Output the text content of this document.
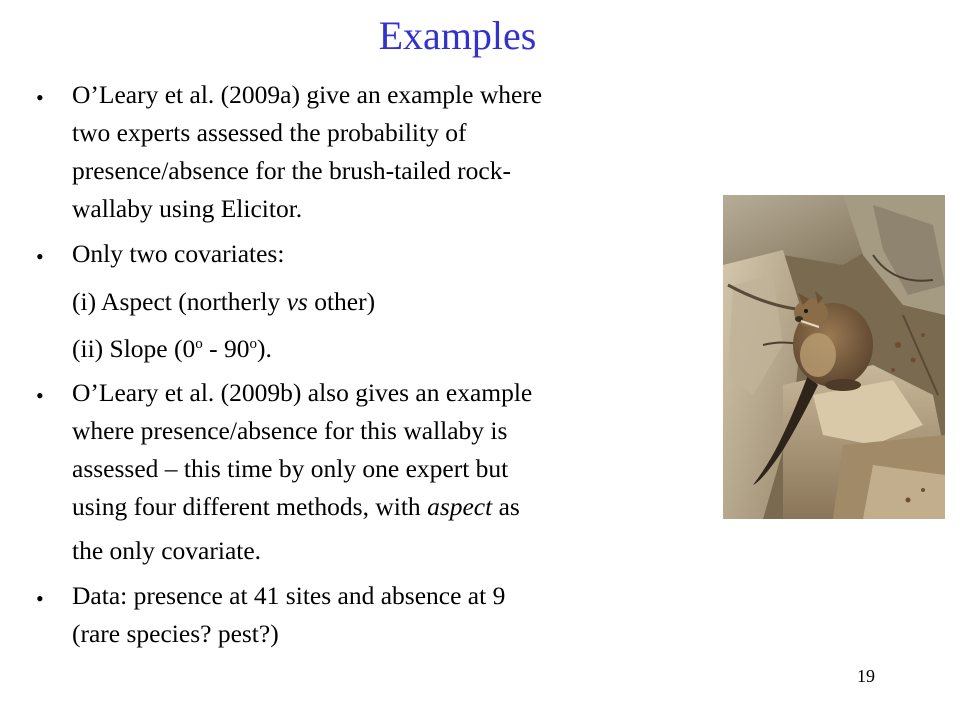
Examples
• O’Leary et al. (2009a) give an example where
two experts assessed the probability of
presence/absence for the brush-tailed rock-
wallaby using Elicitor.
• Only two covariates:
(i) Aspect (northerly vs other)
(ii) Slope (0$^o$ - 90$^o$).
• O’Leary et al. (2009b) also gives an example
where presence/absence for this wallaby is
assessed – this time by only one expert but
using four different methods, with aspect as
the only covariate.
• Data: presence at 41 sites and absence at 9
(rare species? pest?)
19
